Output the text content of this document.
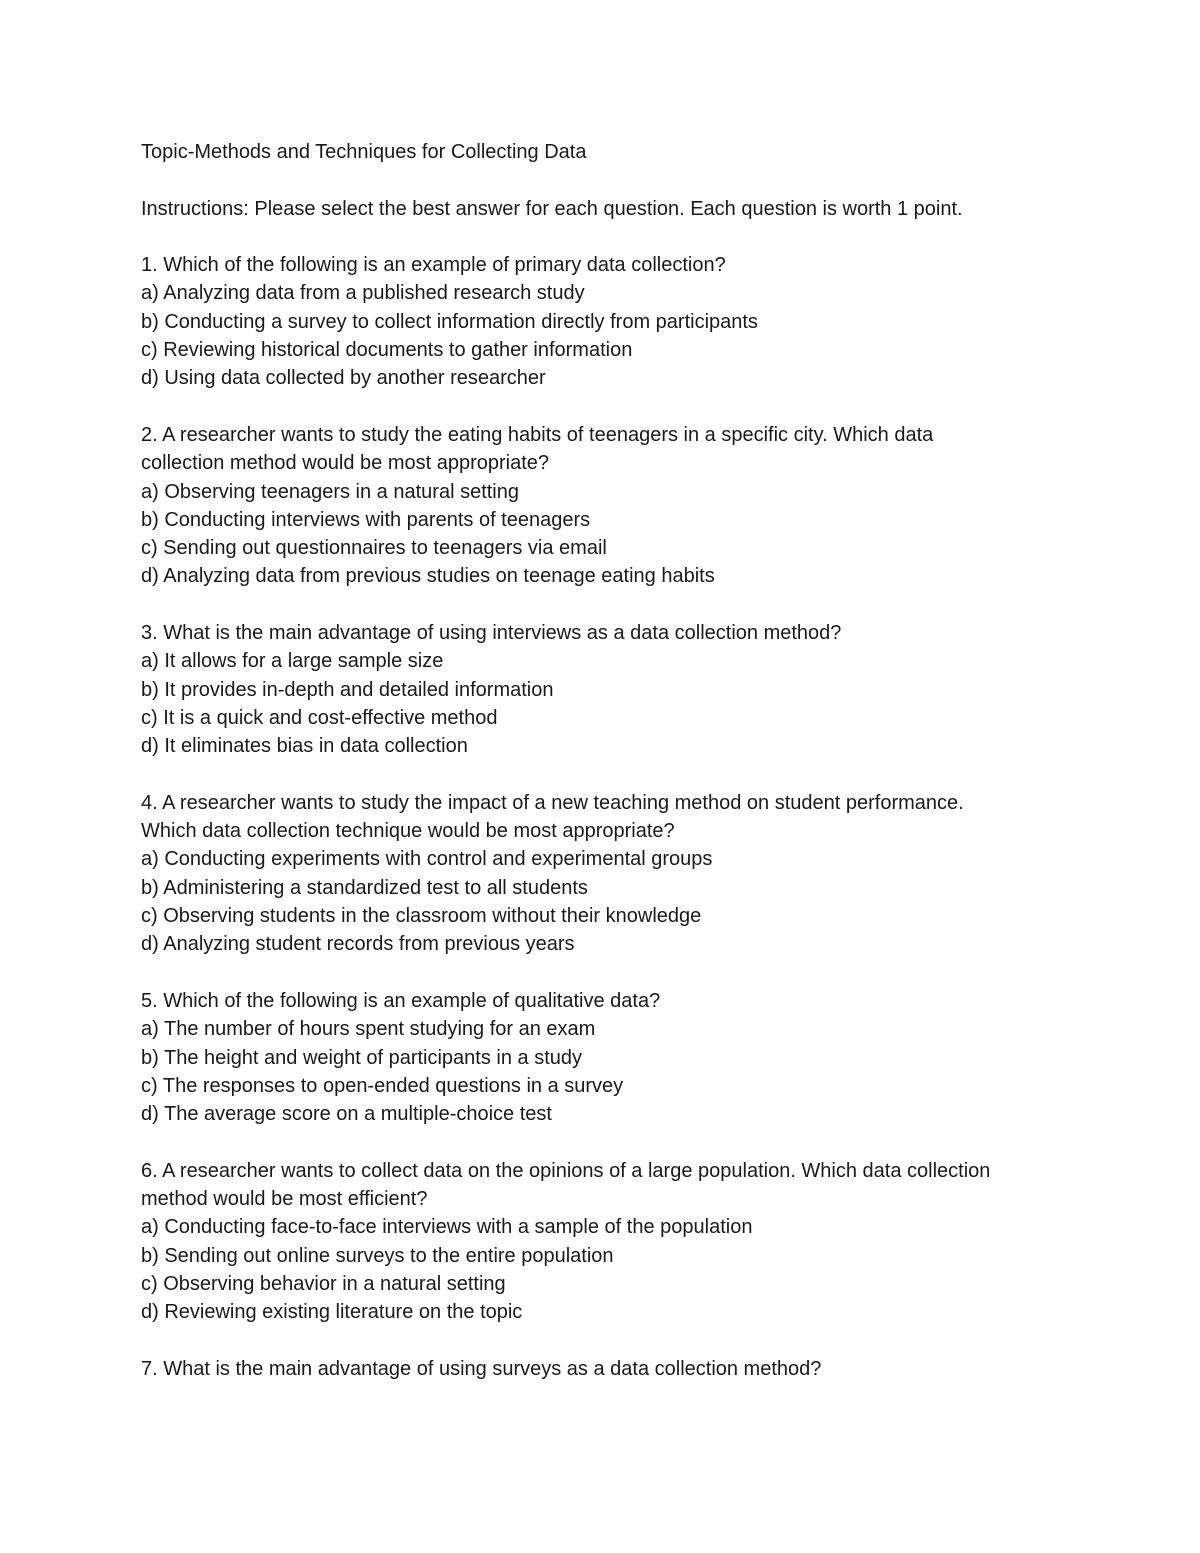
Topic-Methods and Techniques for Collecting Data
Instructions: Please select the best answer for each question. Each question is worth 1 point.
1. Which of the following is an example of primary data collection?
a) Analyzing data from a published research study
b) Conducting a survey to collect information directly from participants
c) Reviewing historical documents to gather information
d) Using data collected by another researcher
2. A researcher wants to study the eating habits of teenagers in a specific city. Which data
collection method would be most appropriate?
a) Observing teenagers in a natural setting
b) Conducting interviews with parents of teenagers
c) Sending out questionnaires to teenagers via email
d) Analyzing data from previous studies on teenage eating habits
3. What is the main advantage of using interviews as a data collection method?
a) It allows for a large sample size
b) It provides in-depth and detailed information
c) It is a quick and cost-effective method
d) It eliminates bias in data collection
4. A researcher wants to study the impact of a new teaching method on student performance.
Which data collection technique would be most appropriate?
a) Conducting experiments with control and experimental groups
b) Administering a standardized test to all students
c) Observing students in the classroom without their knowledge
d) Analyzing student records from previous years
5. Which of the following is an example of qualitative data?
a) The number of hours spent studying for an exam
b) The height and weight of participants in a study
c) The responses to open-ended questions in a survey
d) The average score on a multiple-choice test
6. A researcher wants to collect data on the opinions of a large population. Which data collection
method would be most efficient?
a) Conducting face-to-face interviews with a sample of the population
b) Sending out online surveys to the entire population
c) Observing behavior in a natural setting
d) Reviewing existing literature on the topic
7. What is the main advantage of using surveys as a data collection method?
